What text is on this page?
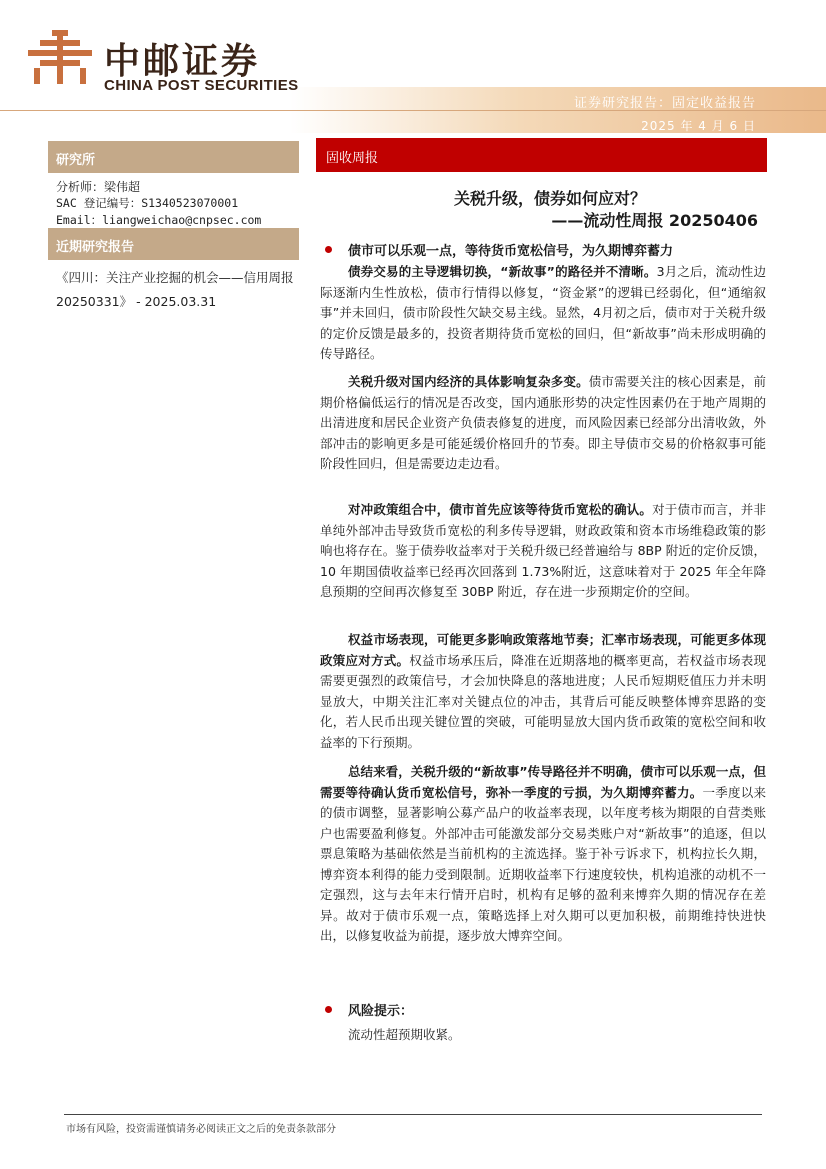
中邮证券
CHINA POST SECURITIES
证券研究报告：固定收益报告
2025 年 4 月 6 日
研究所
分析师：梁伟超
SAC 登记编号：S1340523070001
Email：liangweichao@cnpsec.com
近期研究报告
《四川：关注产业挖掘的机会——信用周报 20250331》 - 2025.03.31
固收周报
关税升级，债券如何应对？
——流动性周报 20250406
债市可以乐观一点，等待货币宽松信号，为久期博弈蓄力
债券交易的主导逻辑切换，“新故事”的路径并不清晰。3月之后，流动性边际逐渐内生性放松，债市行情得以修复，“资金紧”的逻辑已经弱化，但“通缩叙事”并未回归，债市阶段性欠缺交易主线。显然，4月初之后，债市对于关税升级的定价反馈是最多的，投资者期待货币宽松的回归，但“新故事”尚未形成明确的传导路径。
关税升级对国内经济的具体影响复杂多变。债市需要关注的核心因素是，前期价格偏低运行的情况是否改变，国内通胀形势的决定性因素仍在于地产周期的出清进度和居民企业资产负债表修复的进度，而风险因素已经部分出清收敛，外部冲击的影响更多是可能延缓价格回升的节奏。即主导债市交易的价格叙事可能阶段性回归，但是需要边走边看。
对冲政策组合中，债市首先应该等待货币宽松的确认。对于债市而言，并非单纯外部冲击导致货币宽松的利多传导逻辑，财政政策和资本市场维稳政策的影响也将存在。鉴于债券收益率对于关税升级已经普遍给与 8BP 附近的定价反馈，10 年期国债收益率已经再次回落到 1.73%附近，这意味着对于 2025 年全年降息预期的空间再次修复至 30BP 附近，存在进一步预期定价的空间。
权益市场表现，可能更多影响政策落地节奏；汇率市场表现，可能更多体现政策应对方式。权益市场承压后，降准在近期落地的概率更高，若权益市场表现需要更强烈的政策信号，才会加快降息的落地进度；人民币短期贬值压力并未明显放大，中期关注汇率对关键点位的冲击，其背后可能反映整体博弈思路的变化，若人民币出现关键位置的突破，可能明显放大国内货币政策的宽松空间和收益率的下行预期。
总结来看，关税升级的“新故事”传导路径并不明确，债市可以乐观一点，但需要等待确认货币宽松信号，弥补一季度的亏损，为久期博弈蓄力。一季度以来的债市调整，显著影响公募产品户的收益率表现，以年度考核为期限的自营类账户也需要盈利修复。外部冲击可能激发部分交易类账户对“新故事”的追逐，但以票息策略为基础依然是当前机构的主流选择。鉴于补亏诉求下，机构拉长久期，博弈资本利得的能力受到限制。近期收益率下行速度较快，机构追涨的动机不一定强烈，这与去年末行情开启时，机构有足够的盈利来博弈久期的情况存在差异。故对于债市乐观一点，策略选择上对久期可以更加积极，前期维持快进快出，以修复收益为前提，逐步放大博弈空间。
风险提示：
流动性超预期收紧。
市场有风险，投资需谨慎请务必阅读正文之后的免责条款部分
